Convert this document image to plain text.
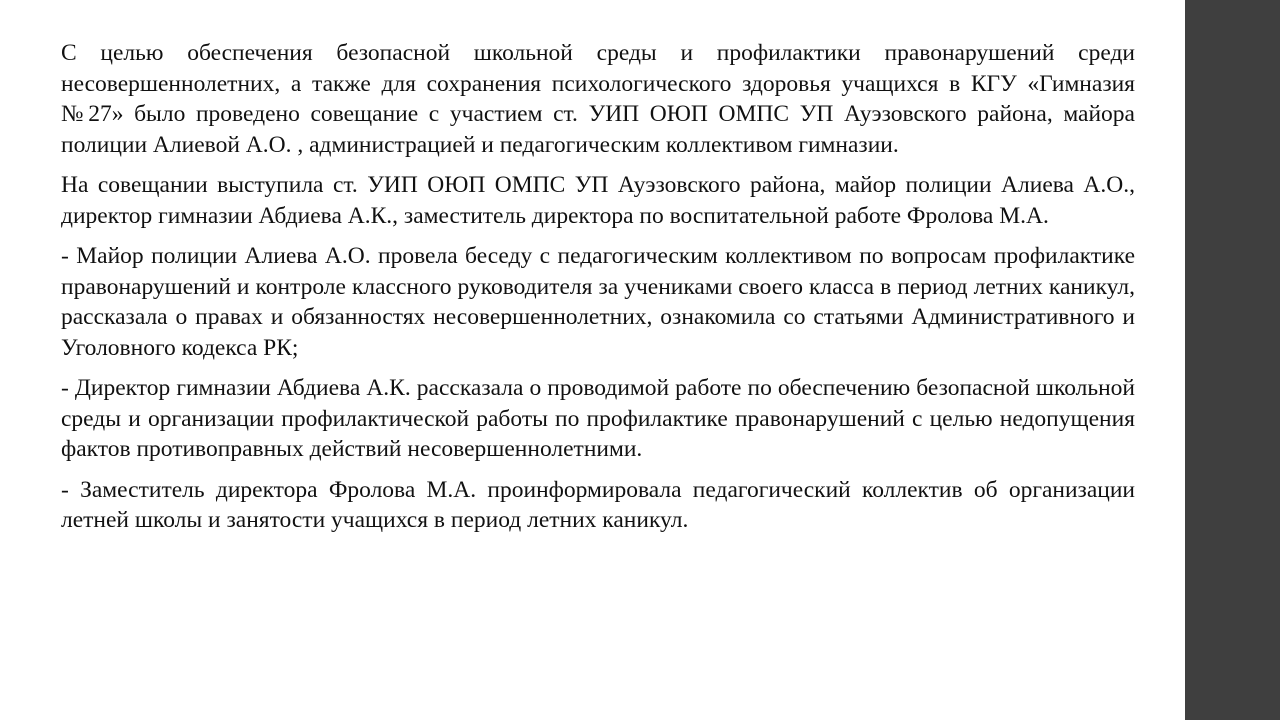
С целью обеспечения безопасной школьной среды и профилактики правонарушений среди несовершеннолетних, а также для сохранения психологического здоровья учащихся в КГУ «Гимназия №27» было проведено совещание с участием ст. УИП ОЮП ОМПС УП Ауэзовского района, майора полиции Алиевой А.О. , администрацией и педагогическим коллективом гимназии.

На совещании выступила ст. УИП ОЮП ОМПС УП Ауэзовского района, майор полиции Алиева А.О., директор гимназии Абдиева А.К., заместитель директора по воспитательной работе Фролова М.А.

- Майор полиции Алиева А.О. провела беседу с педагогическим коллективом по вопросам профилактике правонарушений и контроле классного руководителя за учениками своего класса в период летних каникул, рассказала о правах и обязанностях несовершеннолетних, ознакомила со статьями Административного и Уголовного кодекса РК;

- Директор гимназии Абдиева А.К. рассказала о проводимой работе по обеспечению безопасной школьной среды и организации профилактической работы по профилактике правонарушений с целью недопущения фактов противоправных действий несовершеннолетними.

- Заместитель директора Фролова М.А. проинформировала педагогический коллектив об организации летней школы и занятости учащихся в период летних каникул.
